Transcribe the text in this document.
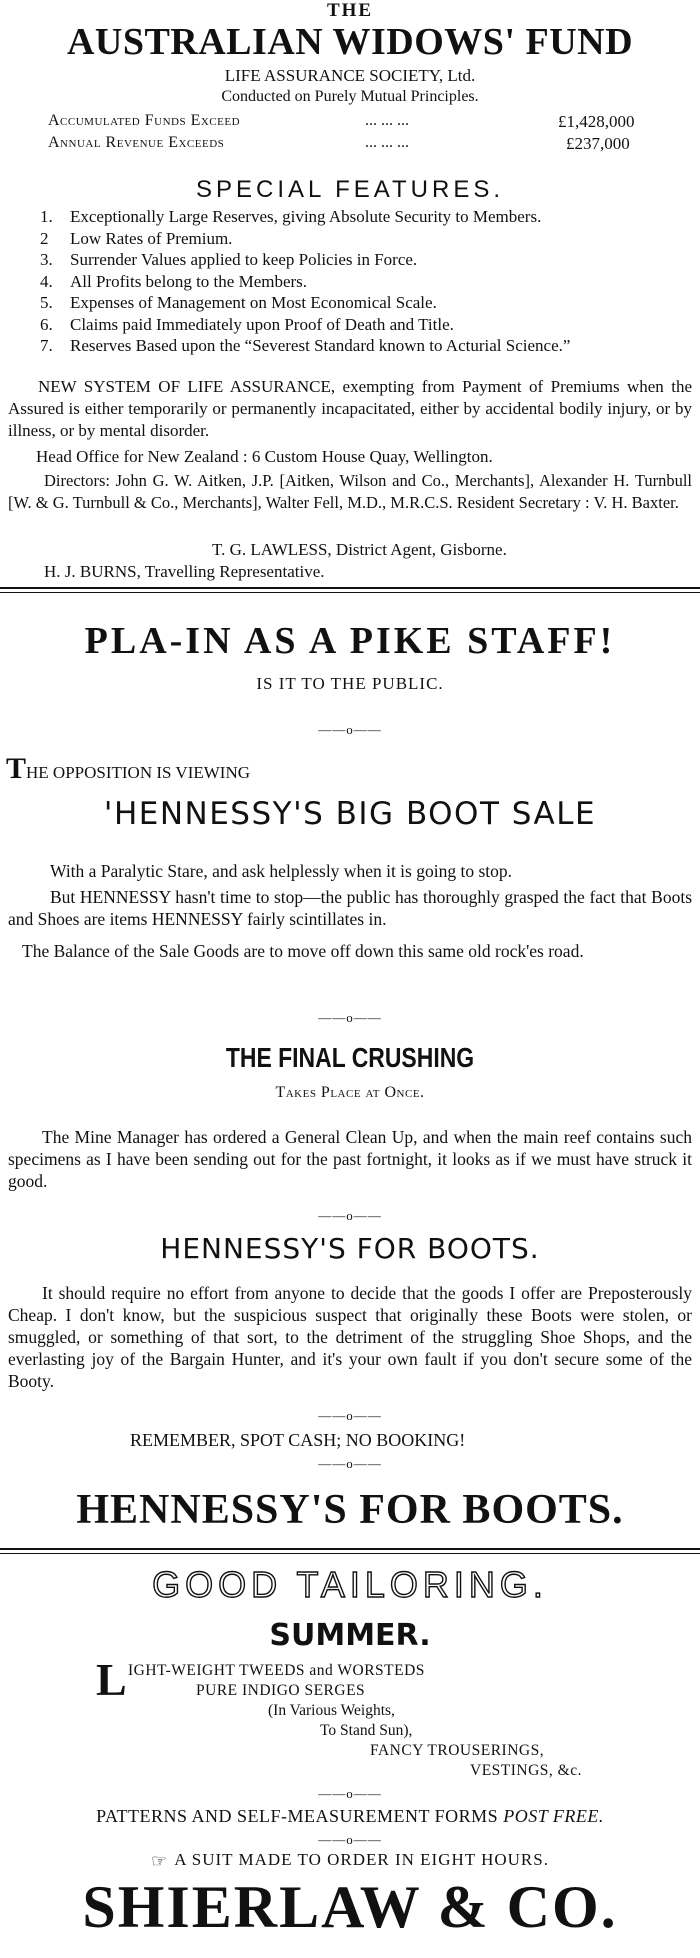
THE
AUSTRALIAN WIDOWS' FUND
LIFE ASSURANCE SOCIETY, Ltd.
Conducted on Purely Mutual Principles.
Accumulated Funds Exceed	... ... ...	£1,428,000
Annual Revenue Exceeds	... ... ...	£237,000
SPECIAL FEATURES.
1. Exceptionally Large Reserves, giving Absolute Security to Members.
2 Low Rates of Premium.
3. Surrender Values applied to keep Policies in Force.
4. All Profits belong to the Members.
5. Expenses of Management on Most Economical Scale.
6. Claims paid Immediately upon Proof of Death and Title.
7.	Reserves Based upon the “Severest Standard known to Acturial Science.”
NEW SYSTEM OF LIFE ASSURANCE, exempting from Payment of Premiums when the Assured is either temporarily or permanently incapacitated, either by accidental bodily injury, or by illness, or by mental disorder.
Head Office for New Zealand : 6 Custom House Quay, Wellington.
Directors: John G. W. Aitken, J.P. [Aitken, Wilson and Co., Merchants], Alexander H. Turnbull [W. & G. Turnbull & Co., Merchants], Walter Fell, M.D., M.R.C.S. Resident Secretary : V. H. Baxter.
T. G. LAWLESS, District Agent, Gisborne.
H. J. BURNS, Travelling Representative.
PLA-IN AS A PIKE STAFF!
IS IT TO THE PUBLIC.
——o——
THE OPPOSITION IS VIEWING
'HENNESSY'S BIG BOOT SALE
With a Paralytic Stare, and ask helplessly when it is going to stop.
But HENNESSY hasn't time to stop—the public has thoroughly grasped the fact that Boots and Shoes are items HENNESSY fairly scintillates in.
The Balance of the Sale Goods are to move off down this same old rock'es road.
——o——
THE FINAL CRUSHING
Takes Place at Once.
The Mine Manager has ordered a General Clean Up, and when the main reef contains such specimens as I have been sending out for the past fortnight, it looks as if we must have struck it good.
——o——
HENNESSY'S FOR BOOTS.
It should require no effort from anyone to decide that the goods I offer are Preposterously Cheap. I don't know, but the suspicious suspect that originally these Boots were stolen, or smuggled, or something of that sort, to the detriment of the struggling Shoe Shops, and the everlasting joy of the Bargain Hunter, and it's your own fault if you don't secure some of the Booty.
——o——
REMEMBER, SPOT CASH; NO BOOKING!
——o——
HENNESSY'S FOR BOOTS.
GOOD TAILORING.
SUMMER.
L IGHT-WEIGHT TWEEDS and WORSTEDS
PURE INDIGO SERGES
(In Various Weights,
To Stand Sun),
FANCY TROUSERINGS,
VESTINGS, &c.
——o——
PATTERNS AND SELF-MEASUREMENT FORMS POST FREE.
——o——
☞ A SUIT MADE TO ORDER IN EIGHT HOURS.
SHIERLAW & CO.
